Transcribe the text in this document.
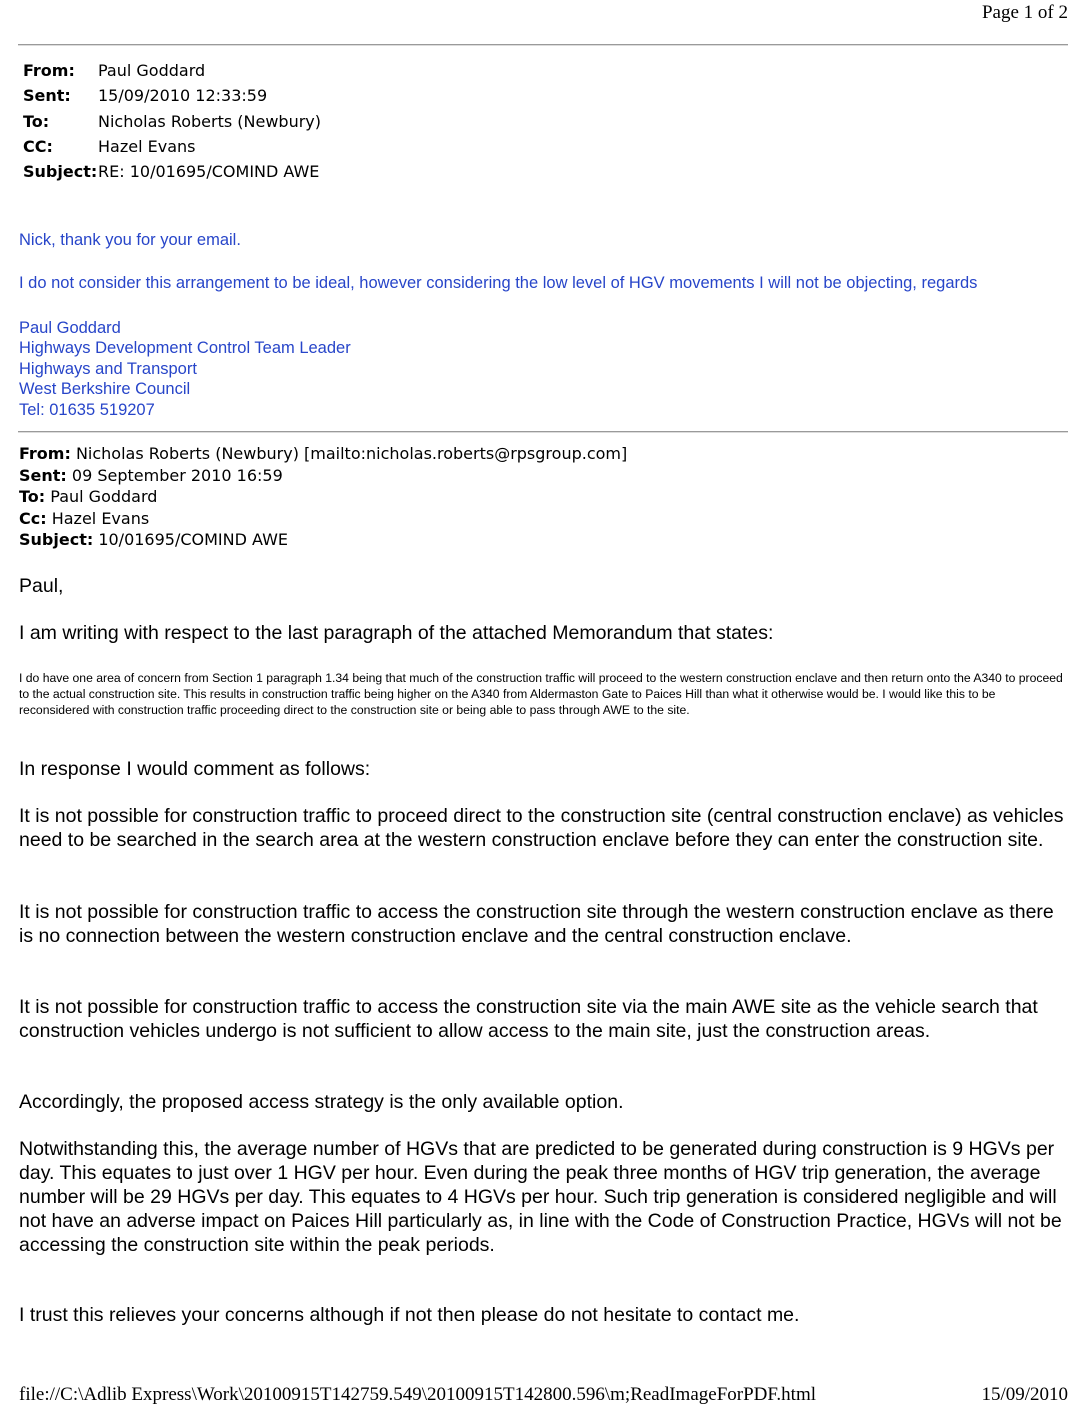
Page 1 of 2
From: Paul Goddard
Sent: 15/09/2010 12:33:59
To:	Nicholas Roberts (Newbury)
CC:	Hazel Evans
Subject:RE: 10/01695/COMIND AWE
Nick, thank you for your email.
I do not consider this arrangement to be ideal, however considering the low level of HGV movements I will not be objecting, regards
Paul Goddard
Highways Development Control Team Leader
Highways and Transport
West Berkshire Council
Tel: 01635 519207
From: Nicholas Roberts (Newbury) [mailto:nicholas.roberts@rpsgroup.com]
Sent: 09 September 2010 16:59
To: Paul Goddard
Cc: Hazel Evans
Subject: 10/01695/COMIND AWE
Paul,
I am writing with respect to the last paragraph of the attached Memorandum that states:
I do have one area of concern from Section 1 paragraph 1.34 being that much of the construction traffic will proceed to the western construction enclave and then return onto the A340 to proceed to the actual construction site. This results in construction traffic being higher on the A340 from Aldermaston Gate to Paices Hill than what it otherwise would be. I would like this to be reconsidered with construction traffic proceeding direct to the construction site or being able to pass through AWE to the site.
In response I would comment as follows:
It is not possible for construction traffic to proceed direct to the construction site (central construction enclave) as vehicles need to be searched in the search area at the western construction enclave before they can enter the construction site.
It is not possible for construction traffic to access the construction site through the western construction enclave as there is no connection between the western construction enclave and the central construction enclave.
It is not possible for construction traffic to access the construction site via the main AWE site as the vehicle search that construction vehicles undergo is not sufficient to allow access to the main site, just the construction areas.
Accordingly, the proposed access strategy is the only available option.
Notwithstanding this, the average number of HGVs that are predicted to be generated during construction is 9 HGVs per day. This equates to just over 1 HGV per hour. Even during the peak three months of HGV trip generation, the average number will be 29 HGVs per day. This equates to 4 HGVs per hour. Such trip generation is considered negligible and will not have an adverse impact on Paices Hill particularly as, in line with the Code of Construction Practice, HGVs will not be accessing the construction site within the peak periods.
I trust this relieves your concerns although if not then please do not hesitate to contact me.
file://C:\Adlib Express\Work\20100915T142759.549\20100915T142800.596\m;ReadImageForPDF.html	15/09/2010
